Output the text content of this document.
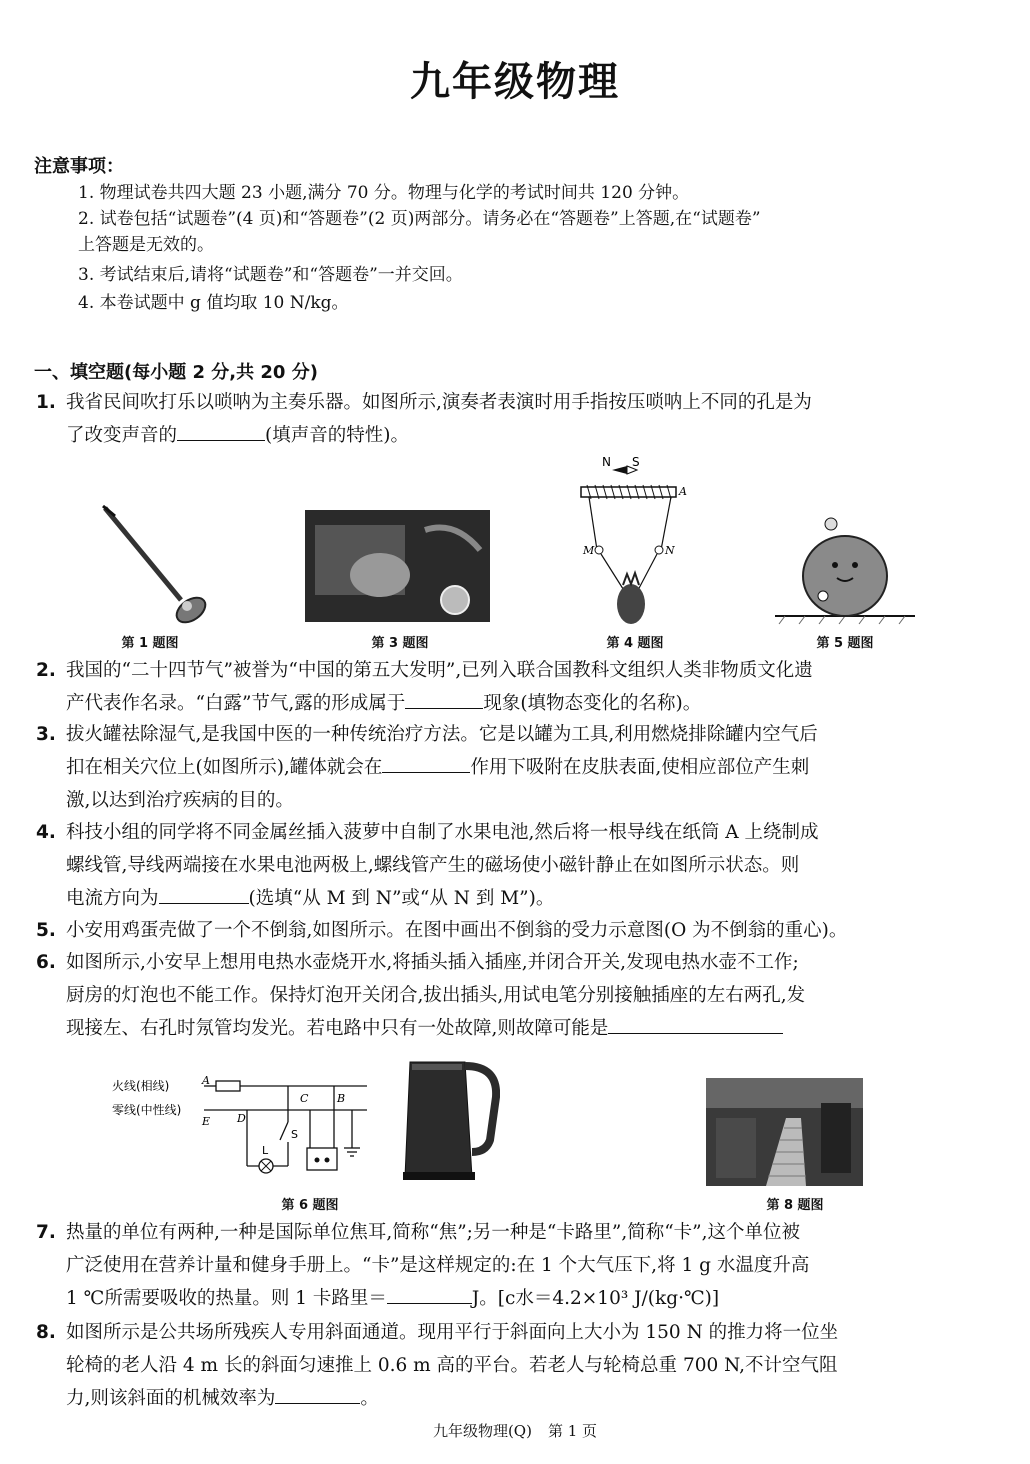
九年级物理
注意事项：
1. 物理试卷共四大题 23 小题,满分 70 分。物理与化学的考试时间共 120 分钟。
2. 试卷包括“试题卷”(4 页)和“答题卷”(2 页)两部分。请务必在“答题卷”上答题,在“试题卷”
上答题是无效的。
3. 考试结束后,请将“试题卷”和“答题卷”一并交回。
4. 本卷试题中 g 值均取 10 N/kg。
一、填空题(每小题 2 分,共 20 分)
1. 我省民间吹打乐以唢呐为主奏乐器。如图所示,演奏者表演时用手指按压唢呐上不同的孔是为

了改变声音的	(填声音的特性)。
第 1 题图	第 3 题图
N S
A
M	N
第 4 题图	第 5 题图
2. 我国的“二十四节气”被誉为“中国的第五大发明”,已列入联合国教科文组织人类非物质文化遗

产代表作名录。“白露”节气,露的形成属于	现象(填物态变化的名称)。
3. 拔火罐祛除湿气,是我国中医的一种传统治疗方法。它是以罐为工具,利用燃烧排除罐内空气后

扣在相关穴位上(如图所示),罐体就会在	作用下吸附在皮肤表面,使相应部位产生刺
激,以达到治疗疾病的目的。
4. 科技小组的同学将不同金属丝插入菠萝中自制了水果电池,然后将一根导线在纸筒 A 上绕制成

螺线管,导线两端接在水果电池两极上,螺线管产生的磁场使小磁针静止在如图所示状态。则
电流方向为	(选填“从 M 到 N”或“从 N 到 M”)。
5. 小安用鸡蛋壳做了一个不倒翁,如图所示。在图中画出不倒翁的受力示意图(O 为不倒翁的重心)。
6. 如图所示,小安早上想用电热水壶烧开水,将插头插入插座,并闭合开关,发现电热水壶不工作;

厨房的灯泡也不能工作。保持灯泡开关闭合,拔出插头,用试电笔分别接触插座的左右两孔,发
现接左、右孔时氖管均发光。若电路中只有一处故障,则故障可能是
火线(相线)
零线(中性线)
A
E
C	B
D
S
L
第 6 题图	第 8 题图
7. 热量的单位有两种,一种是国际单位焦耳,简称“焦”;另一种是“卡路里”,简称“卡”,这个单位被

广泛使用在营养计量和健身手册上。“卡”是这样规定的:在 1 个大气压下,将 1 g 水温度升高
1 ℃所需要吸收的热量。则 1 卡路里＝	J。[c水＝4.2×10³ J/(kg·℃)]
8. 如图所示是公共场所残疾人专用斜面通道。现用平行于斜面向上大小为 150 N 的推力将一位坐

轮椅的老人沿 4 m 长的斜面匀速推上 0.6 m 高的平台。若老人与轮椅总重 700 N,不计空气阻
力,则该斜面的机械效率为	。
九年级物理(Q) 第 1 页
